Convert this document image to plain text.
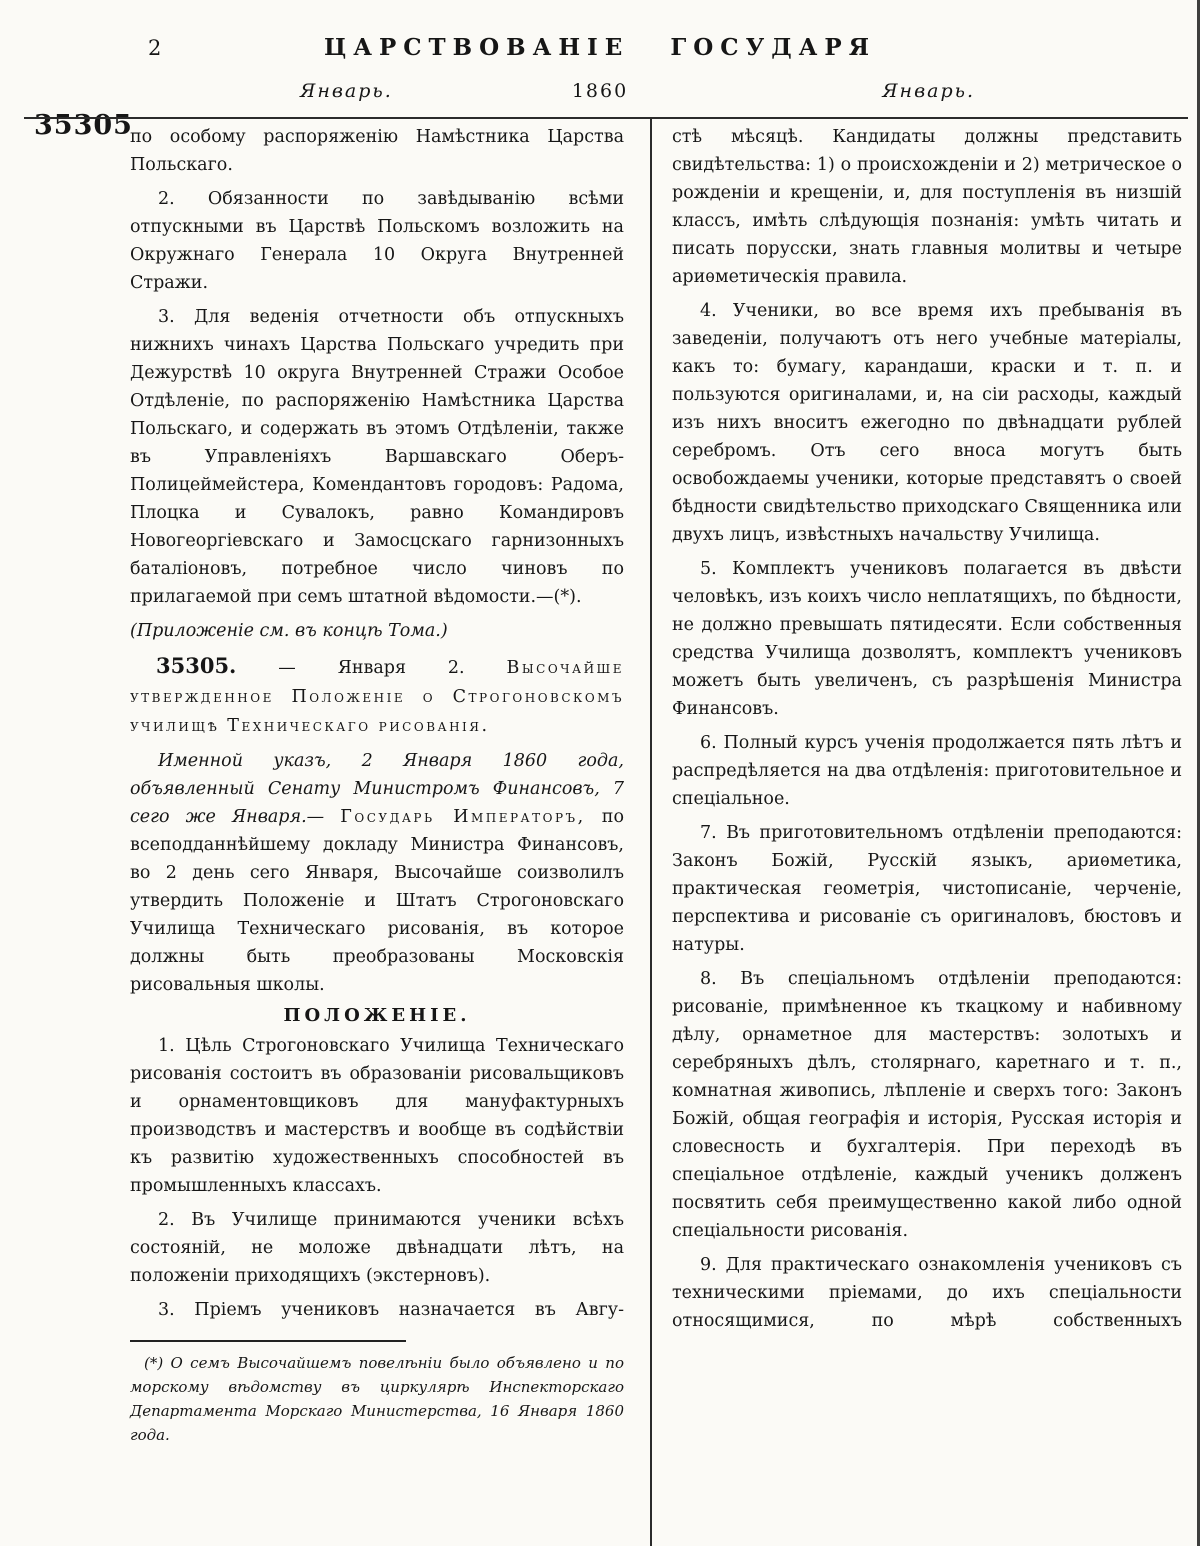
2	ЦАРСТВОВАНІЕ ГОСУДАРЯ
Январь.	1860	Январь.
35305

по особому распоряженію Намѣстника Царства Польскаго.

2. Обязанности по завѣдыванію всѣми отпускными въ Царствѣ Польскомъ возложить на Окружнаго Генерала 10 Округа Внутренней Стражи.

3. Для веденія отчетности объ отпускныхъ нижнихъ чинахъ Царства Польскаго учредить при Дежурствѣ 10 округа Внутренней Стражи Особое Отдѣленіе, по распоряженію Намѣстника Царства Польскаго, и содержать въ этомъ Отдѣленіи, также въ Управленіяхъ Варшавскаго Оберъ-Полицеймейстера, Комендантовъ городовъ: Радома, Плоцка и Сувалокъ, равно Командировъ Новогеоргіевскаго и Замосцскаго гарнизонныхъ баталіоновъ, потребное число чиновъ по прилагаемой при семъ штатной вѣдомости.—(*).

(Приложеніе см. въ концѣ Тома.)

35305. — Января 2. Высочайше утвержденное Положеніе о Строгоновскомъ училищѣ Техническаго рисованія.

Именной указъ, 2 Января 1860 года, объявленный Сенату Министромъ Финансовъ, 7 сего же Января.— Государь Императоръ, по всеподданнѣйшему докладу Министра Финансовъ, во 2 день сего Января, Высочайше соизволилъ утвердить Положеніе и Штатъ Строгоновскаго Училища Техническаго рисованія, въ которое должны быть преобразованы Московскія рисовальныя школы.

ПОЛОЖЕНІЕ.

1. Цѣль Строгоновскаго Училища Техническаго рисованія состоитъ въ образованіи рисовальщиковъ и орнаментовщиковъ для мануфактурныхъ производствъ и мастерствъ и вообще въ содѣйствіи къ развитію художественныхъ способностей въ промышленныхъ классахъ.

2. Въ Училище принимаются ученики всѣхъ состояній, не моложе двѣнадцати лѣтъ, на положеніи приходящихъ (экстерновъ).

3. Пріемъ учениковъ назначается въ Авгу-

(*) О семъ Высочайшемъ повелѣніи было объявлено и по морскому вѣдомству въ циркулярѣ Инспекторскаго Департамента Морскаго Министерства, 16 Января 1860 года.

стѣ мѣсяцѣ. Кандидаты должны представить свидѣтельства: 1) о происхожденіи и 2) метрическое о рожденіи и крещеніи, и, для поступленія въ низшій классъ, имѣть слѣдующія познанія: умѣть читать и писать порусски, знать главныя молитвы и четыре ариѳметическія правила.

4. Ученики, во все время ихъ пребыванія въ заведеніи, получаютъ отъ него учебные матеріалы, какъ то: бумагу, карандаши, краски и т. п. и пользуются оригиналами, и, на сіи расходы, каждый изъ нихъ вноситъ ежегодно по двѣнадцати рублей серебромъ. Отъ сего вноса могутъ быть освобождаемы ученики, которые представятъ о своей бѣдности свидѣтельство приходскаго Священника или двухъ лицъ, извѣстныхъ начальству Училища.

5. Комплектъ учениковъ полагается въ двѣсти человѣкъ, изъ коихъ число неплатящихъ, по бѣдности, не должно превышать пятидесяти. Если собственныя средства Училища дозволятъ, комплектъ учениковъ можетъ быть увеличенъ, съ разрѣшенія Министра Финансовъ.

6. Полный курсъ ученія продолжается пять лѣтъ и распредѣляется на два отдѣленія: приготовительное и спеціальное.

7. Въ приготовительномъ отдѣленіи преподаются: Законъ Божій, Русскій языкъ, ариѳметика, практическая геометрія, чистописаніе, черченіе, перспектива и рисованіе съ оригиналовъ, бюстовъ и натуры.

8. Въ спеціальномъ отдѣленіи преподаются: рисованіе, примѣненное къ ткацкому и набивному дѣлу, орнаметное для мастерствъ: золотыхъ и серебряныхъ дѣлъ, столярнаго, каретнаго и т. п., комнатная живопись, лѣпленіе и сверхъ того: Законъ Божій, общая географія и исторія, Русская исторія и словесность и бухгалтерія. При переходѣ въ спеціальное отдѣленіе, каждый ученикъ долженъ посвятить себя преимущественно какой либо одной спеціальности рисованія.

9. Для практическаго ознакомленія учениковъ съ техническими пріемами, до ихъ спеціальности относящимися, по мѣрѣ собственныхъ
